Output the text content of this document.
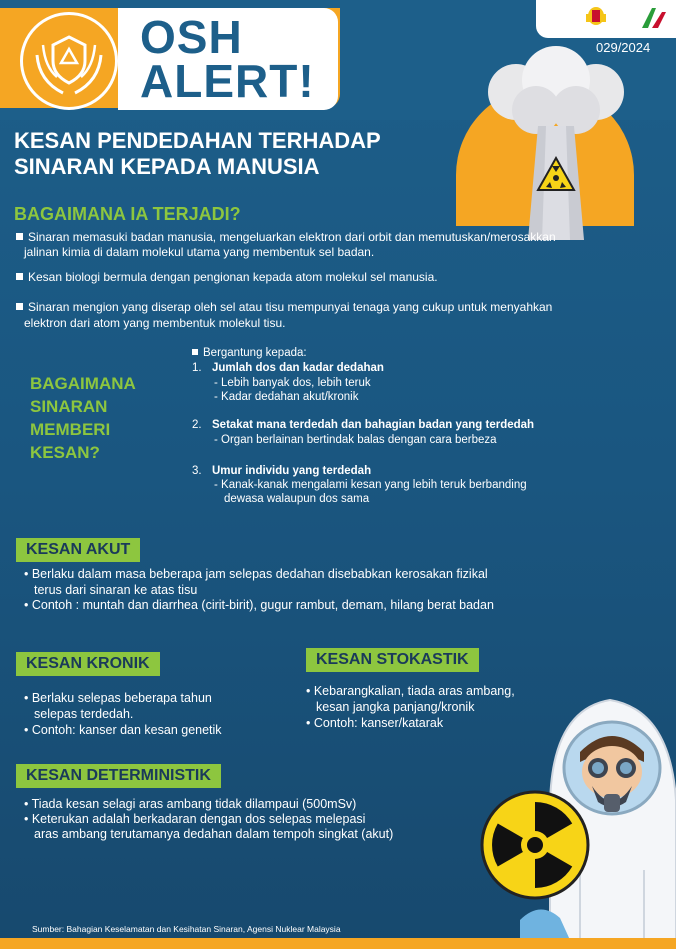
OSH
ALERT!
029/2024
KESAN PENDEDAHAN TERHADAP
SINARAN KEPADA MANUSIA
BAGAIMANA IA TERJADI?
Sinaran memasuki badan manusia, mengeluarkan elektron dari orbit dan memutuskan/merosakkan
jalinan kimia di dalam molekul utama yang membentuk sel badan.
Kesan biologi bermula dengan pengionan kepada atom molekul sel manusia.
Sinaran mengion yang diserap oleh sel atau tisu mempunyai tenaga yang cukup untuk menyahkan
elektron dari atom yang membentuk molekul tisu.
BAGAIMANA
SINARAN
MEMBERI
KESAN?
Bergantung kepada:
1. Jumlah dos dan kadar dedahan
- Lebih banyak dos, lebih teruk
- Kadar dedahan akut/kronik
2. Setakat mana terdedah dan bahagian badan yang terdedah
- Organ berlainan bertindak balas dengan cara berbeza
3. Umur individu yang terdedah
- Kanak-kanak mengalami kesan yang lebih teruk berbanding
dewasa walaupun dos sama
KESAN AKUT
• Berlaku dalam masa beberapa jam selepas dedahan disebabkan kerosakan fizikal
terus dari sinaran ke atas tisu
• Contoh : muntah dan diarrhea (cirit-birit), gugur rambut, demam, hilang berat badan
KESAN KRONIK
• Berlaku selepas beberapa tahun
selepas terdedah.
• Contoh: kanser dan kesan genetik
KESAN STOKASTIK
• Kebarangkalian, tiada aras ambang,
kesan jangka panjang/kronik
• Contoh: kanser/katarak
KESAN DETERMINISTIK
• Tiada kesan selagi aras ambang tidak dilampaui (500mSv)
• Keterukan adalah berkadaran dengan dos selepas melepasi
aras ambang terutamanya dedahan dalam tempoh singkat (akut)
Sumber: Bahagian Keselamatan dan Kesihatan Sinaran, Agensi Nuklear Malaysia
